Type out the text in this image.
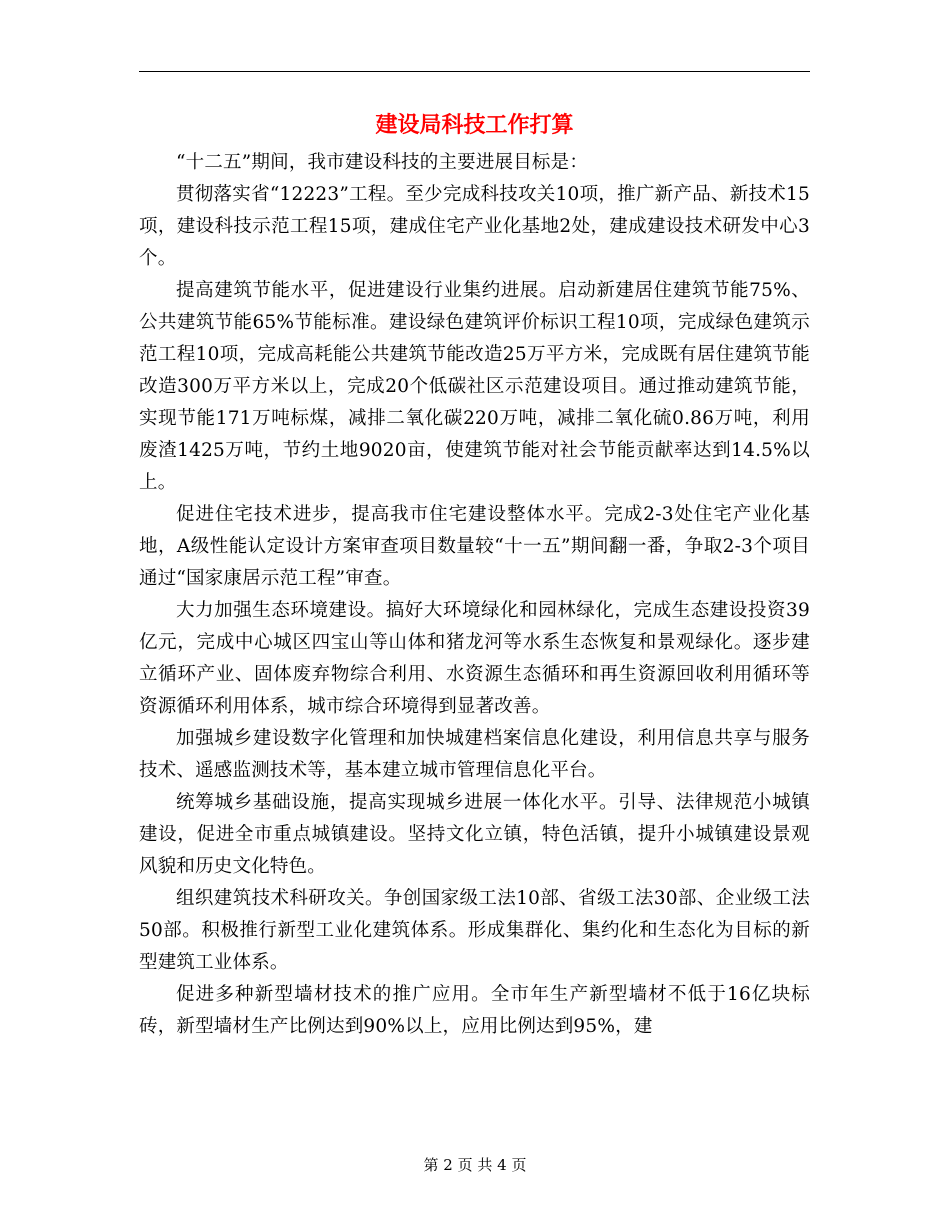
建设局科技工作打算

“十二五”期间，我市建设科技的主要进展目标是：

贯彻落实省“12223”工程。至少完成科技攻关10项，推广新产品、新技术15项，建设科技示范工程15项，建成住宅产业化基地2处，建成建设技术研发中心3个。

提高建筑节能水平，促进建设行业集约进展。启动新建居住建筑节能75%、公共建筑节能65%节能标准。建设绿色建筑评价标识工程10项，完成绿色建筑示范工程10项，完成高耗能公共建筑节能改造25万平方米，完成既有居住建筑节能改造300万平方米以上，完成20个低碳社区示范建设项目。通过推动建筑节能，实现节能171万吨标煤，减排二氧化碳220万吨，减排二氧化硫0.86万吨，利用废渣1425万吨，节约土地9020亩，使建筑节能对社会节能贡献率达到14.5%以上。

促进住宅技术进步，提高我市住宅建设整体水平。完成2-3处住宅产业化基地，A级性能认定设计方案审查项目数量较“十一五”期间翻一番，争取2-3个项目通过“国家康居示范工程”审查。

大力加强生态环境建设。搞好大环境绿化和园林绿化，完成生态建设投资39亿元，完成中心城区四宝山等山体和猪龙河等水系生态恢复和景观绿化。逐步建立循环产业、固体废弃物综合利用、水资源生态循环和再生资源回收利用循环等资源循环利用体系，城市综合环境得到显著改善。

加强城乡建设数字化管理和加快城建档案信息化建设，利用信息共享与服务技术、遥感监测技术等，基本建立城市管理信息化平台。

统筹城乡基础设施，提高实现城乡进展一体化水平。引导、法律规范小城镇建设，促进全市重点城镇建设。坚持文化立镇，特色活镇，提升小城镇建设景观风貌和历史文化特色。

组织建筑技术科研攻关。争创国家级工法10部、省级工法30部、企业级工法50部。积极推行新型工业化建筑体系。形成集群化、集约化和生态化为目标的新型建筑工业体系。

促进多种新型墙材技术的推广应用。全市年生产新型墙材不低于16亿块标砖，新型墙材生产比例达到90%以上，应用比例达到95%，建

第 2 页 共 4 页
